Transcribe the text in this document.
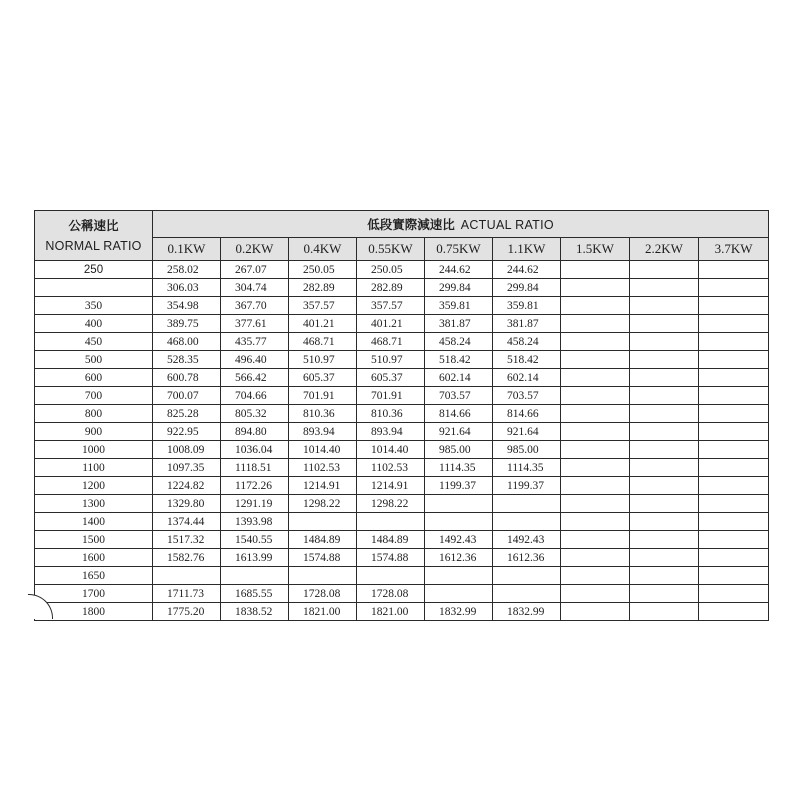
公稱速比
NORMAL RATIO	低段實際減速比 ACTUAL RATIO								
	0.1KW	0.2KW	0.4KW	0.55KW	0.75KW	1.1KW	1.5KW	2.2KW	3.7KW
250	258.02	267.07	250.05	250.05	244.62	244.62			
	306.03	304.74	282.89	282.89	299.84	299.84			
350	354.98	367.70	357.57	357.57	359.81	359.81			
400	389.75	377.61	401.21	401.21	381.87	381.87			
450	468.00	435.77	468.71	468.71	458.24	458.24			
500	528.35	496.40	510.97	510.97	518.42	518.42			
600	600.78	566.42	605.37	605.37	602.14	602.14			
700	700.07	704.66	701.91	701.91	703.57	703.57			
800	825.28	805.32	810.36	810.36	814.66	814.66			
900	922.95	894.80	893.94	893.94	921.64	921.64			
1000	1008.09	1036.04	1014.40	1014.40	985.00	985.00			
1100	1097.35	1118.51	1102.53	1102.53	1114.35	1114.35			
1200	1224.82	1172.26	1214.91	1214.91	1199.37	1199.37			
1300	1329.80	1291.19	1298.22	1298.22					
1400	1374.44	1393.98							
1500	1517.32	1540.55	1484.89	1484.89	1492.43	1492.43			
1600	1582.76	1613.99	1574.88	1574.88	1612.36	1612.36			
1650									
1700	1711.73	1685.55	1728.08	1728.08					
1800	1775.20	1838.52	1821.00	1821.00	1832.99	1832.99			
